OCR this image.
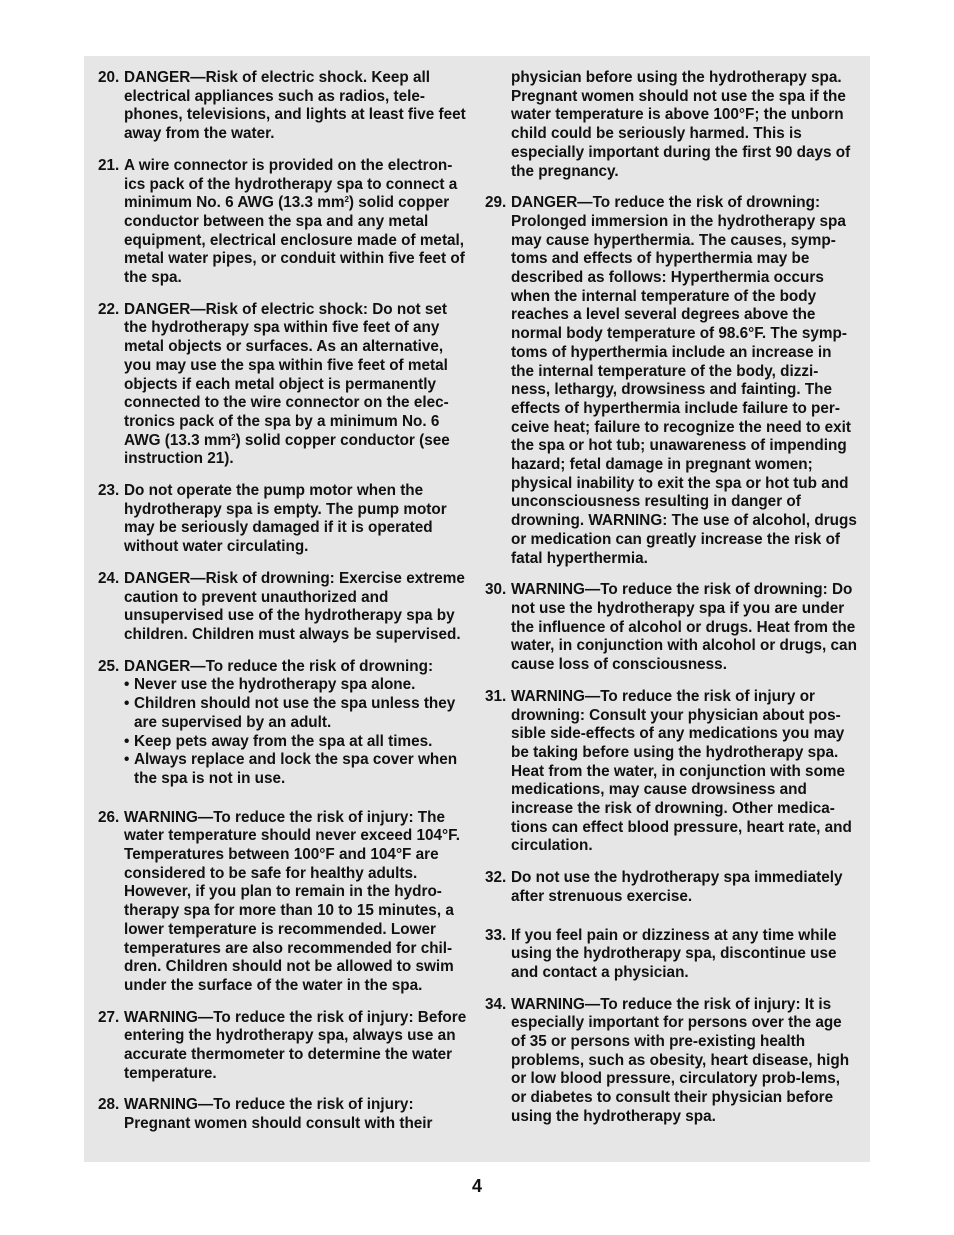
20. DANGER—Risk of electric shock. Keep all electrical appliances such as radios, tele-phones, televisions, and lights at least five feet away from the water.
21. A wire connector is provided on the electron-ics pack of the hydrotherapy spa to connect a minimum No. 6 AWG (13.3 $mm^2$) solid copper conductor between the spa and any metal equipment, electrical enclosure made of metal, metal water pipes, or conduit within five feet of the spa.
22. DANGER—Risk of electric shock: Do not set the hydrotherapy spa within five feet of any metal objects or surfaces. As an alternative, you may use the spa within five feet of metal objects if each metal object is permanently connected to the wire connector on the elec-tronics pack of the spa by a minimum No. 6 AWG (13.3 $mm^2$) solid copper conductor (see instruction 21).
23. Do not operate the pump motor when the hydrotherapy spa is empty. The pump motor may be seriously damaged if it is operated without water circulating.
24. DANGER—Risk of drowning: Exercise extreme caution to prevent unauthorized and unsupervised use of the hydrotherapy spa by children. Children must always be supervised.
25. DANGER—To reduce the risk of drowning:
• Never use the hydrotherapy spa alone.
• Children should not use the spa unless they are supervised by an adult.
• Keep pets away from the spa at all times.
• Always replace and lock the spa cover when the spa is not in use.
26. WARNING—To reduce the risk of injury: The water temperature should never exceed 104°F. Temperatures between 100°F and 104°F are considered to be safe for healthy adults. However, if you plan to remain in the hydro-therapy spa for more than 10 to 15 minutes, a lower temperature is recommended. Lower temperatures are also recommended for chil-dren. Children should not be allowed to swim under the surface of the water in the spa.
27. WARNING—To reduce the risk of injury: Before entering the hydrotherapy spa, always use an accurate thermometer to determine the water temperature.
28. WARNING—To reduce the risk of injury: Pregnant women should consult with their
physician before using the hydrotherapy spa. Pregnant women should not use the spa if the water temperature is above 100°F; the unborn child could be seriously harmed. This is especially important during the first 90 days of the pregnancy.
29. DANGER—To reduce the risk of drowning: Prolonged immersion in the hydrotherapy spa may cause hyperthermia. The causes, symp-toms and effects of hyperthermia may be described as follows: Hyperthermia occurs when the internal temperature of the body reaches a level several degrees above the normal body temperature of 98.6°F. The symp-toms of hyperthermia include an increase in the internal temperature of the body, dizzi-ness, lethargy, drowsiness and fainting. The effects of hyperthermia include failure to per-ceive heat; failure to recognize the need to exit the spa or hot tub; unawareness of impending hazard; fetal damage in pregnant women; physical inability to exit the spa or hot tub and unconsciousness resulting in danger of drowning. WARNING: The use of alcohol, drugs or medication can greatly increase the risk of fatal hyperthermia.
30. WARNING—To reduce the risk of drowning: Do not use the hydrotherapy spa if you are under the influence of alcohol or drugs. Heat from the water, in conjunction with alcohol or drugs, can cause loss of consciousness.
31. WARNING—To reduce the risk of injury or drowning: Consult your physician about pos-sible side-effects of any medications you may be taking before using the hydrotherapy spa. Heat from the water, in conjunction with some medications, may cause drowsiness and increase the risk of drowning. Other medica-tions can effect blood pressure, heart rate, and circulation.
32. Do not use the hydrotherapy spa immediately after strenuous exercise.
33. If you feel pain or dizziness at any time while using the hydrotherapy spa, discontinue use and contact a physician.
34. WARNING—To reduce the risk of injury: It is especially important for persons over the age of 35 or persons with pre-existing health problems, such as obesity, heart disease, high or low blood pressure, circulatory prob-lems, or diabetes to consult their physician before using the hydrotherapy spa.
4
